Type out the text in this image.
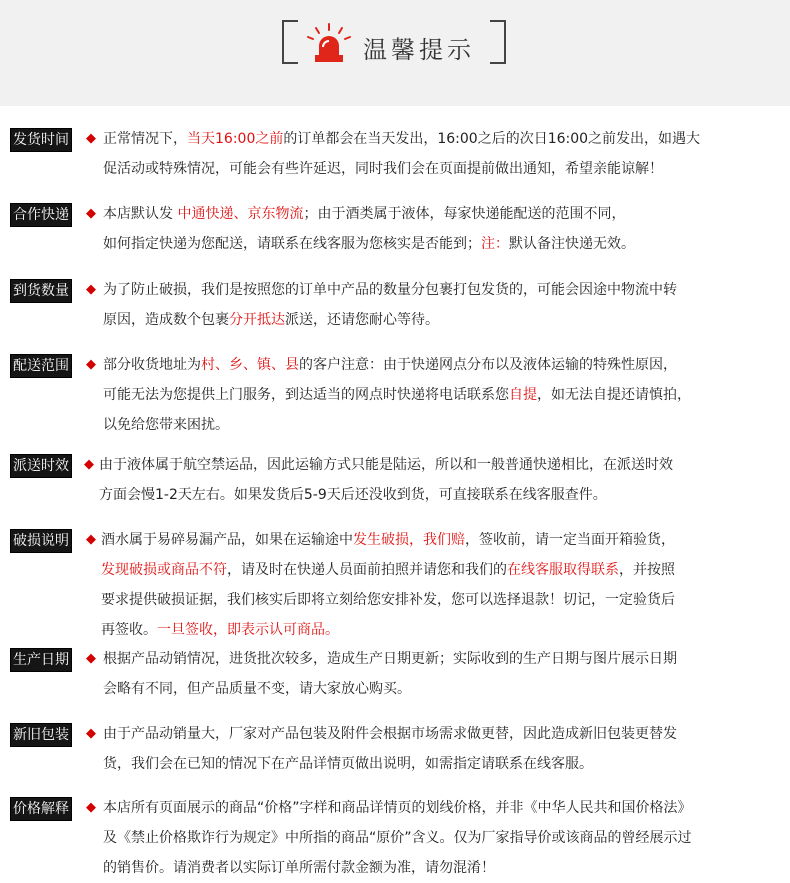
温馨提示
发货时间 ◆ 正常情况下，当天16:00之前的订单都会在当天发出，16:00之后的次日16:00之前发出，如遇大
促活动或特殊情况，可能会有些许延迟，同时我们会在页面提前做出通知，希望亲能谅解！
合作快递 ◆ 本店默认发 中通快递、京东物流；由于酒类属于液体，每家快递能配送的范围不同，
如何指定快递为您配送，请联系在线客服为您核实是否能到；注：默认备注快递无效。
到货数量 ◆ 为了防止破损，我们是按照您的订单中产品的数量分包裹打包发货的，可能会因途中物流中转
原因，造成数个包裹分开抵达派送，还请您耐心等待。
配送范围 ◆ 部分收货地址为村、乡、镇、县的客户注意：由于快递网点分布以及液体运输的特殊性原因，
可能无法为您提供上门服务，到达适当的网点时快递将电话联系您自提，如无法自提还请慎拍，
以免给您带来困扰。
派送时效 ◆ 由于液体属于航空禁运品，因此运输方式只能是陆运，所以和一般普通快递相比，在派送时效
方面会慢1-2天左右。如果发货后5-9天后还没收到货，可直接联系在线客服查件。
破损说明 ◆ 酒水属于易碎易漏产品，如果在运输途中发生破损，我们赔，签收前，请一定当面开箱验货，
发现破损或商品不符，请及时在快递人员面前拍照并请您和我们的在线客服取得联系，并按照
要求提供破损证据，我们核实后即将立刻给您安排补发，您可以选择退款！切记，一定验货后
再签收。一旦签收，即表示认可商品。
生产日期 ◆ 根据产品动销情况，进货批次较多，造成生产日期更新；实际收到的生产日期与图片展示日期
会略有不同，但产品质量不变，请大家放心购买。
新旧包装 ◆ 由于产品动销量大，厂家对产品包装及附件会根据市场需求做更替，因此造成新旧包装更替发
货，我们会在已知的情况下在产品详情页做出说明，如需指定请联系在线客服。
价格解释 ◆ 本店所有页面展示的商品“价格”字样和商品详情页的划线价格，并非《中华人民共和国价格法》
及《禁止价格欺诈行为规定》中所指的商品“原价”含义。仅为厂家指导价或该商品的曾经展示过
的销售价。请消费者以实际订单所需付款金额为准，请勿混淆！
